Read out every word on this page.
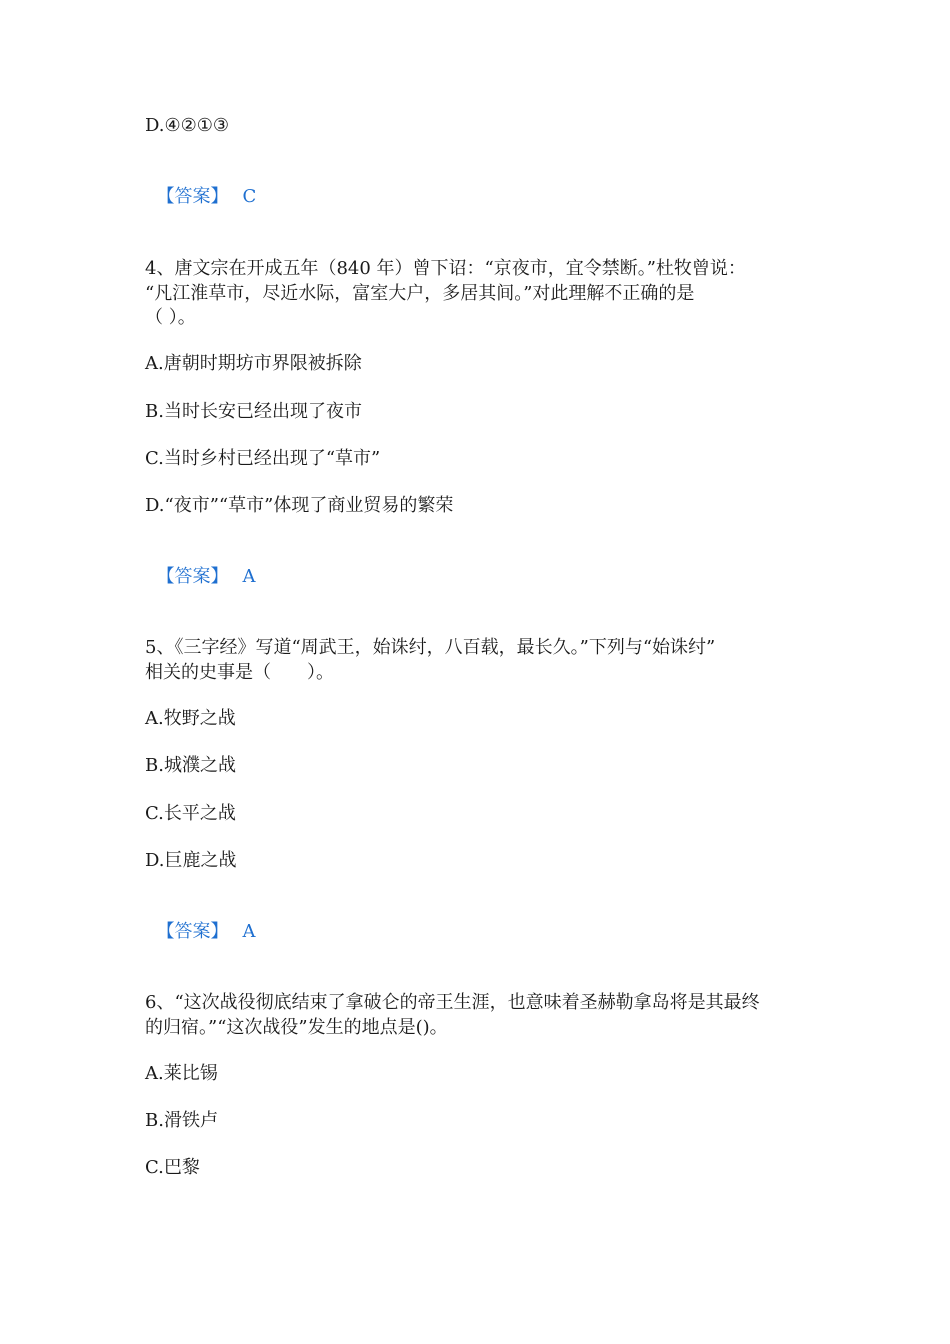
D.④②①③

【答案】 C

4、唐文宗在开成五年（840 年）曾下诏：“京夜市，宜令禁断。”杜牧曾说：
“凡江淮草市，尽近水际，富室大户，多居其间。”对此理解不正确的是
（ ）。
A.唐朝时期坊市界限被拆除
B.当时长安已经出现了夜市
C.当时乡村已经出现了“草市”
D.“夜市”“草市”体现了商业贸易的繁荣

【答案】 A

5、《三字经》写道“周武王，始诛纣，八百载，最长久。”下列与“始诛纣”
相关的史事是（　　）。
A.牧野之战
B.城濮之战
C.长平之战
D.巨鹿之战

【答案】 A

6、“这次战役彻底结束了拿破仑的帝王生涯，也意味着圣赫勒拿岛将是其最终
的归宿。”“这次战役”发生的地点是()。
A.莱比锡
B.滑铁卢
C.巴黎
